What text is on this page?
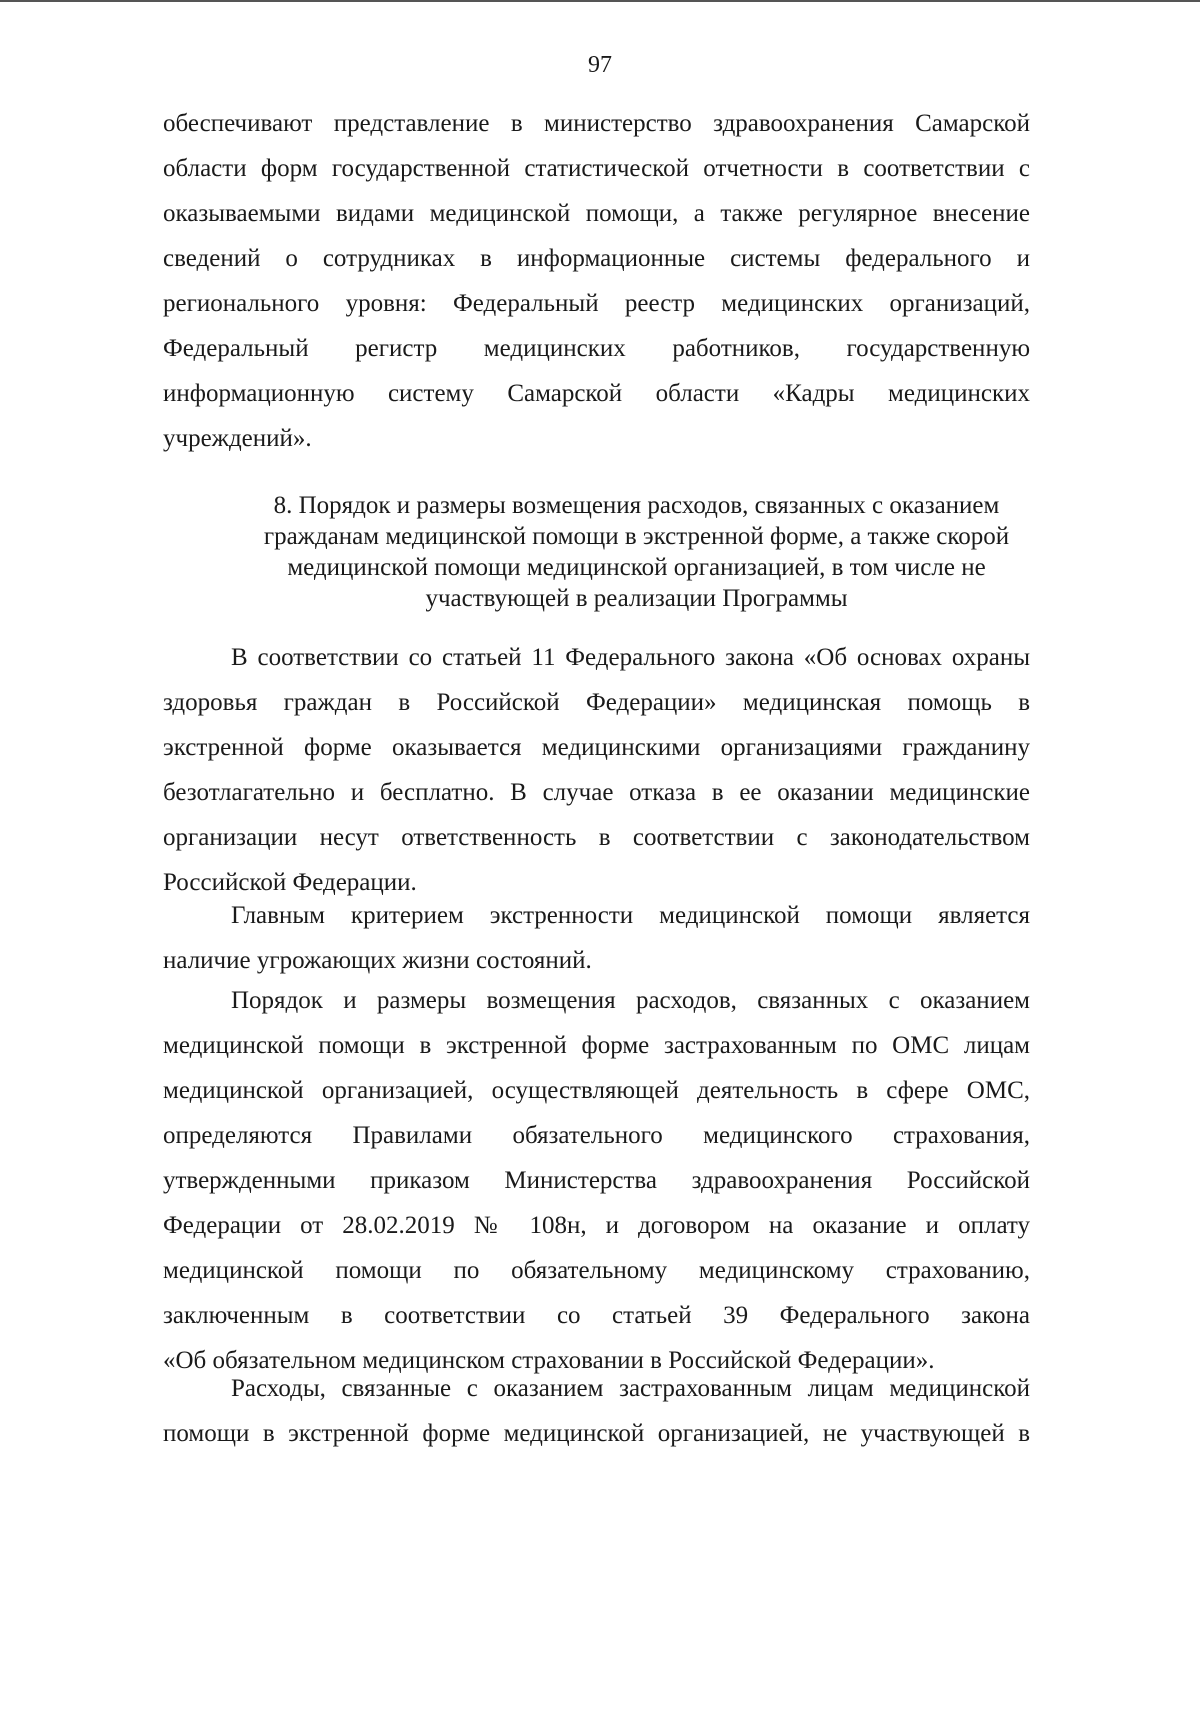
97
обеспечивают представление в министерство здравоохранения Самарской
области форм государственной статистической отчетности в соответствии с
оказываемыми видами медицинской помощи, а также регулярное внесение
сведений о сотрудниках в информационные системы федерального и
регионального уровня: Федеральный реестр медицинских организаций,
Федеральный регистр медицинских работников, государственную
информационную систему Самарской области «Кадры медицинских
учреждений».
8. Порядок и размеры возмещения расходов, связанных с оказанием
гражданам медицинской помощи в экстренной форме, а также скорой
медицинской помощи медицинской организацией, в том числе не
участвующей в реализации Программы
В соответствии со статьей 11 Федерального закона «Об основах охраны
здоровья граждан в Российской Федерации» медицинская помощь в
экстренной форме оказывается медицинскими организациями гражданину
безотлагательно и бесплатно. В случае отказа в ее оказании медицинские
организации несут ответственность в соответствии с законодательством
Российской Федерации.
Главным критерием экстренности медицинской помощи является
наличие угрожающих жизни состояний.
Порядок и размеры возмещения расходов, связанных с оказанием
медицинской помощи в экстренной форме застрахованным по ОМС лицам
медицинской организацией, осуществляющей деятельность в сфере ОМС,
определяются Правилами обязательного медицинского страхования,
утвержденными приказом Министерства здравоохранения Российской
Федерации от 28.02.2019 № 108н, и договором на оказание и оплату
медицинской помощи по обязательному медицинскому страхованию,
заключенным в соответствии со статьей 39 Федерального закона
«Об обязательном медицинском страховании в Российской Федерации».
Расходы, связанные с оказанием застрахованным лицам медицинской
помощи в экстренной форме медицинской организацией, не участвующей в
